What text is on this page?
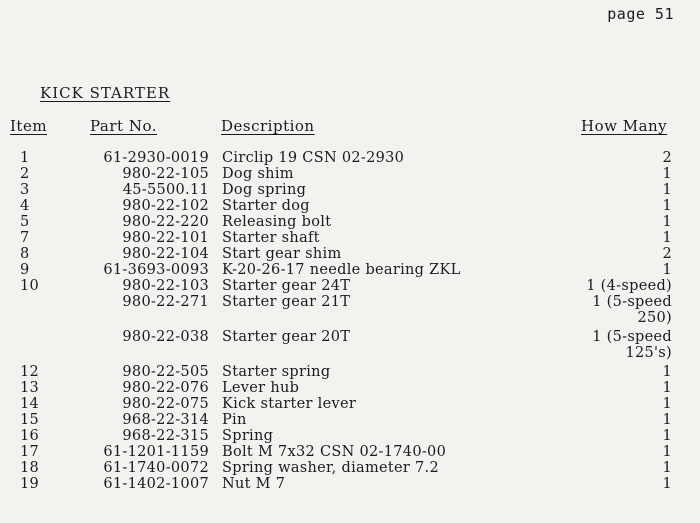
page 51
KICK STARTER
Item	Part No.	Description	How Many
1	61-2930-0019 Circlip 19 CSN 02-2930	2
2	980-22-105 Dog shim	1
3	45-5500.11 Dog spring	1
4	980-22-102 Starter dog	1
5	980-22-220 Releasing bolt	1
7	980-22-101 Starter shaft	1
8	980-22-104 Start gear shim	2
9	61-3693-0093 K-20-26-17 needle bearing ZKL	1
10	980-22-103 Starter gear 24T	1 (4-speed)
980-22-271 Starter gear 21T	1 (5-speed
250)
980-22-038 Starter gear 20T	1 (5-speed
125's)
12	980-22-505 Starter spring	1
13	980-22-076 Lever hub	1
14	980-22-075 Kick starter lever	1
15	968-22-314 Pin	1
16	968-22-315 Spring	1
17	61-1201-1159 Bolt M 7x32 CSN 02-1740-00	1
18	61-1740-0072 Spring washer, diameter 7.2	1
19	61-1402-1007 Nut M 7	1
